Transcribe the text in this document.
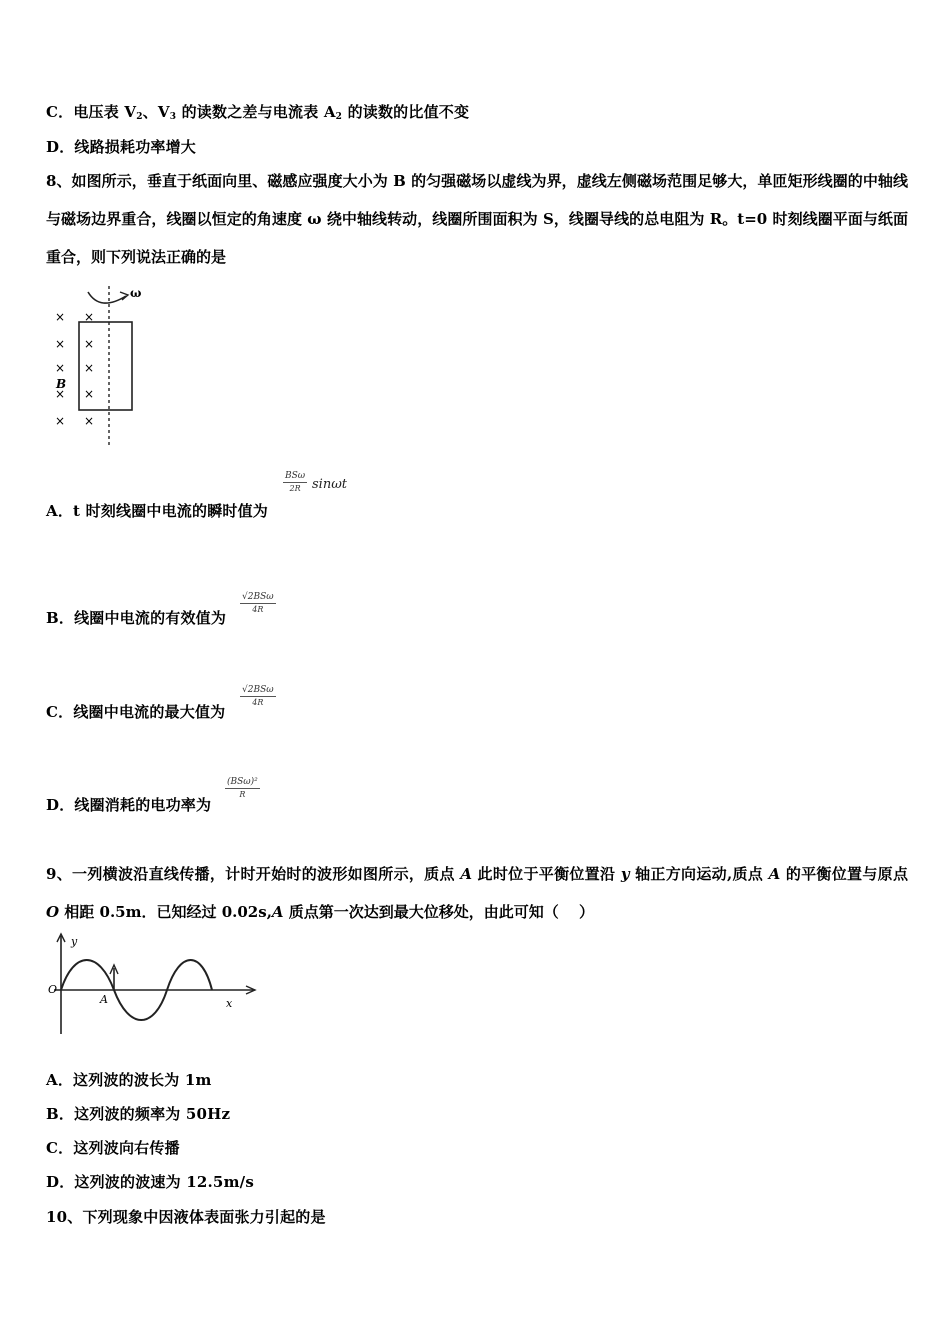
C．电压表 $V_2$、$V_3$ 的读数之差与电流表 $A_2$ 的读数的比值不变
D．线路损耗功率增大
8、如图所示，垂直于纸面向里、磁感应强度大小为 B 的匀强磁场以虚线为界，虚线左侧磁场范围足够大，单匝矩形线圈的中轴线与磁场边界重合，线圈以恒定的角速度 ω 绕中轴线转动，线圈所围面积为 S，线圈导线的总电阻为 R。t=0 时刻线圈平面与纸面重合，则下列说法正确的是
ω
× ×
× ×
× ×
B
× ×
× ×
BSω
2R sinωt
A．t 时刻线圈中电流的瞬时值为
√2BSω
4R
B．线圈中电流的有效值为
√2BSω
4R
C．线圈中电流的最大值为
(BSω)²
R
D．线圈消耗的电功率为
9、一列横波沿直线传播，计时开始时的波形如图所示，质点 A 此时位于平衡位置沿 y 轴正方向运动,质点 A 的平衡位置与原点 O 相距 0.5m．已知经过 0.02s,A 质点第一次达到最大位移处，由此可知（　 ）
y
O
A	x
A．这列波的波长为 1m
B．这列波的频率为 50Hz
C．这列波向右传播
D．这列波的波速为 12.5m/s
10、下列现象中因液体表面张力引起的是
